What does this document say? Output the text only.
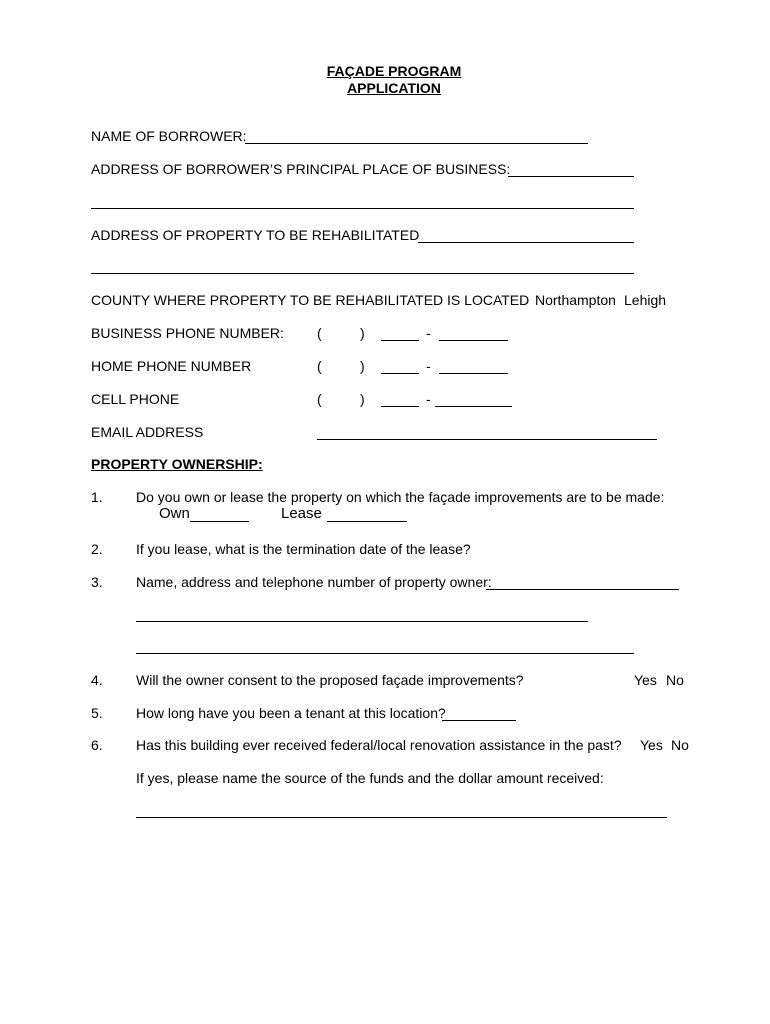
FAÇADE PROGRAM
APPLICATION
NAME OF BORROWER:
ADDRESS OF BORROWER’S PRINCIPAL PLACE OF BUSINESS:
ADDRESS OF PROPERTY TO BE REHABILITATED
COUNTY WHERE PROPERTY TO BE REHABILITATED IS LOCATED Northampton Lehigh
BUSINESS PHONE NUMBER: (	)	-
HOME PHONE NUMBER	(	)	-
CELL PHONE	(	)	-
EMAIL ADDRESS
PROPERTY OWNERSHIP:
1. Do you own or lease the property on which the façade improvements are to be made:
Own	Lease
2. If you lease, what is the termination date of the lease?
3. Name, address and telephone number of property owner:
4. Will the owner consent to the proposed façade improvements?	Yes No
5. How long have you been a tenant at this location?
6. Has this building ever received federal/local renovation assistance in the past? Yes No
If yes, please name the source of the funds and the dollar amount received:
